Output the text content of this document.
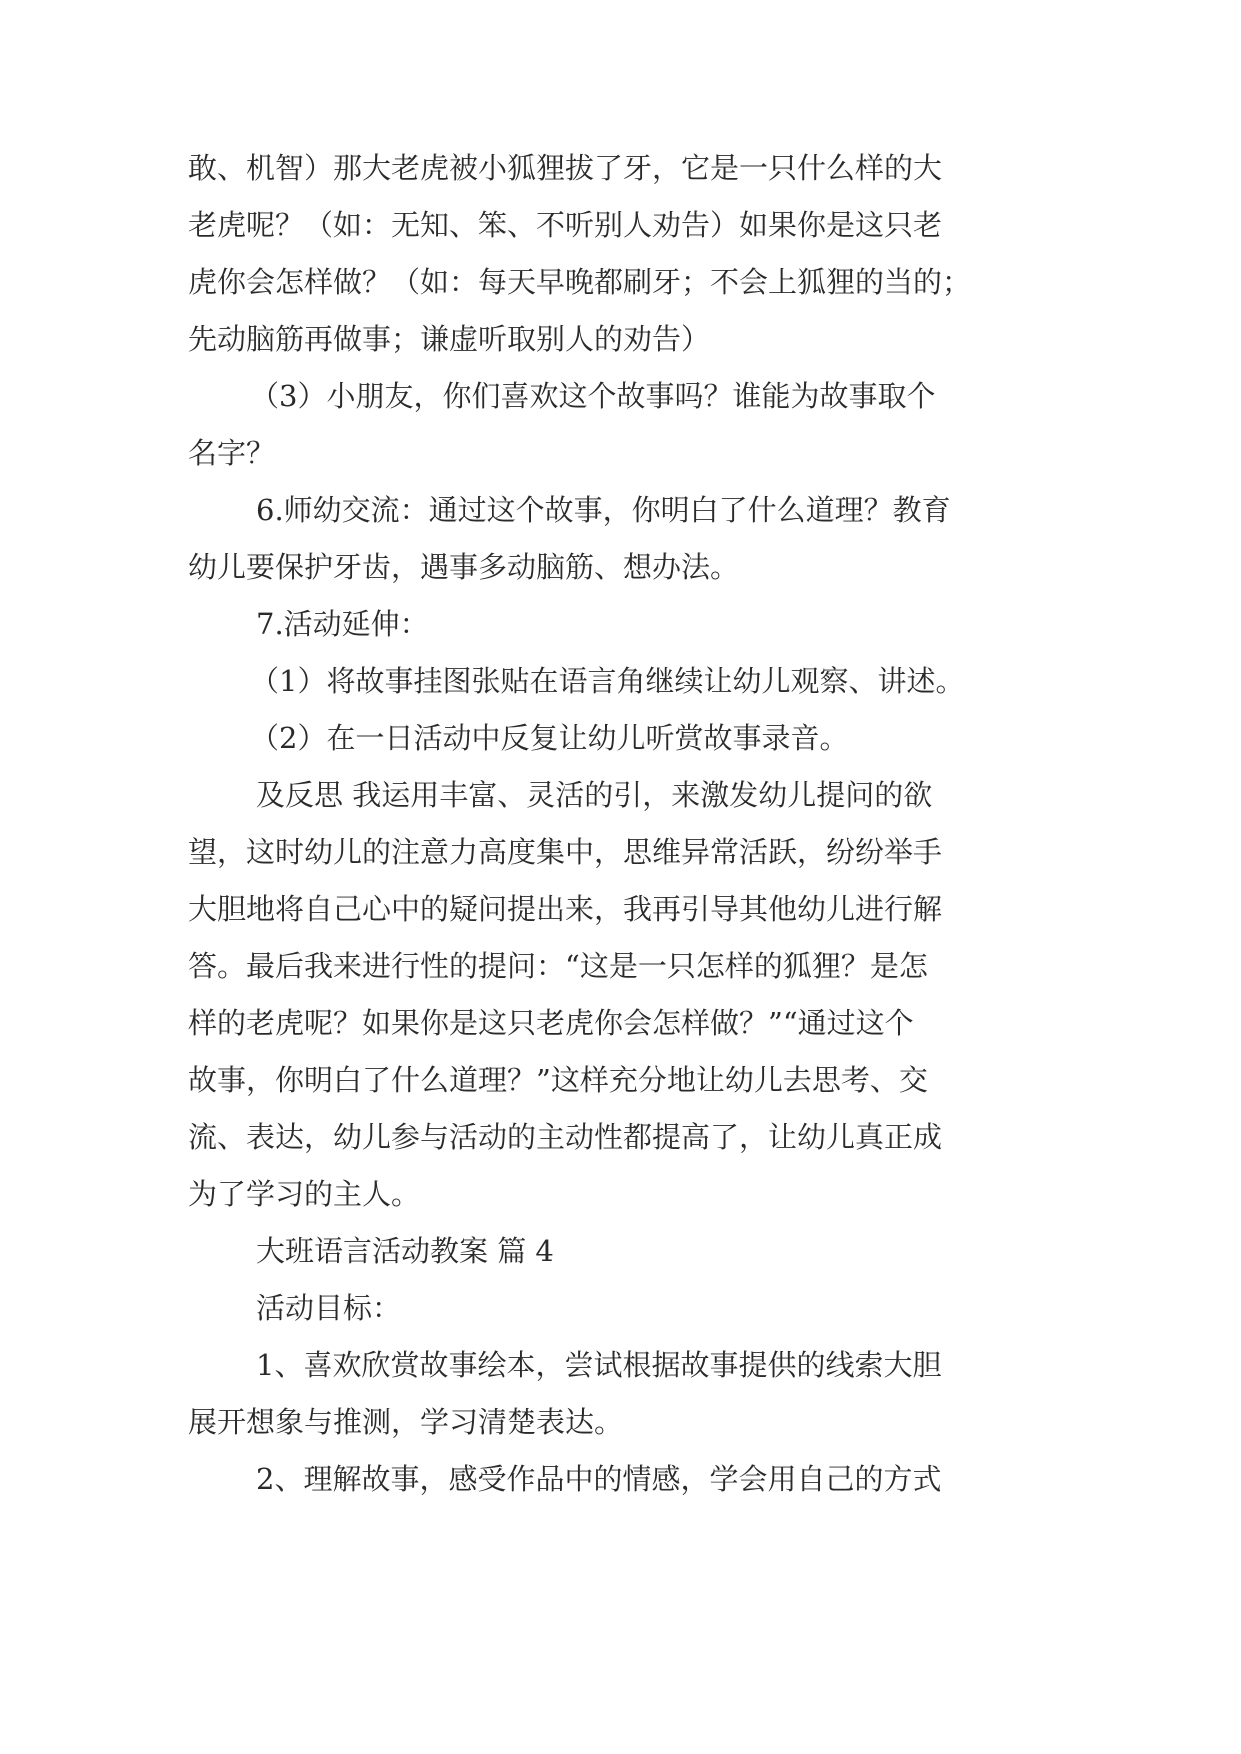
敢、机智）那大老虎被小狐狸拔了牙，它是一只什么样的大
老虎呢？（如：无知、笨、不听别人劝告）如果你是这只老
虎你会怎样做？（如：每天早晚都刷牙；不会上狐狸的当的；
先动脑筋再做事；谦虚听取别人的劝告）
（3）小朋友，你们喜欢这个故事吗？谁能为故事取个
名字？
6.师幼交流：通过这个故事，你明白了什么道理？教育
幼儿要保护牙齿，遇事多动脑筋、想办法。
7.活动延伸：
（1）将故事挂图张贴在语言角继续让幼儿观察、讲述。
（2）在一日活动中反复让幼儿听赏故事录音。
及反思 我运用丰富、灵活的引，来激发幼儿提问的欲
望，这时幼儿的注意力高度集中，思维异常活跃，纷纷举手
大胆地将自己心中的疑问提出来，我再引导其他幼儿进行解
答。最后我来进行性的提问：“这是一只怎样的狐狸？是怎
样的老虎呢？如果你是这只老虎你会怎样做？”“通过这个
故事，你明白了什么道理？”这样充分地让幼儿去思考、交
流、表达，幼儿参与活动的主动性都提高了，让幼儿真正成
为了学习的主人。
大班语言活动教案 篇 4
活动目标：
1、喜欢欣赏故事绘本，尝试根据故事提供的线索大胆
展开想象与推测，学习清楚表达。
2、理解故事，感受作品中的情感，学会用自己的方式
